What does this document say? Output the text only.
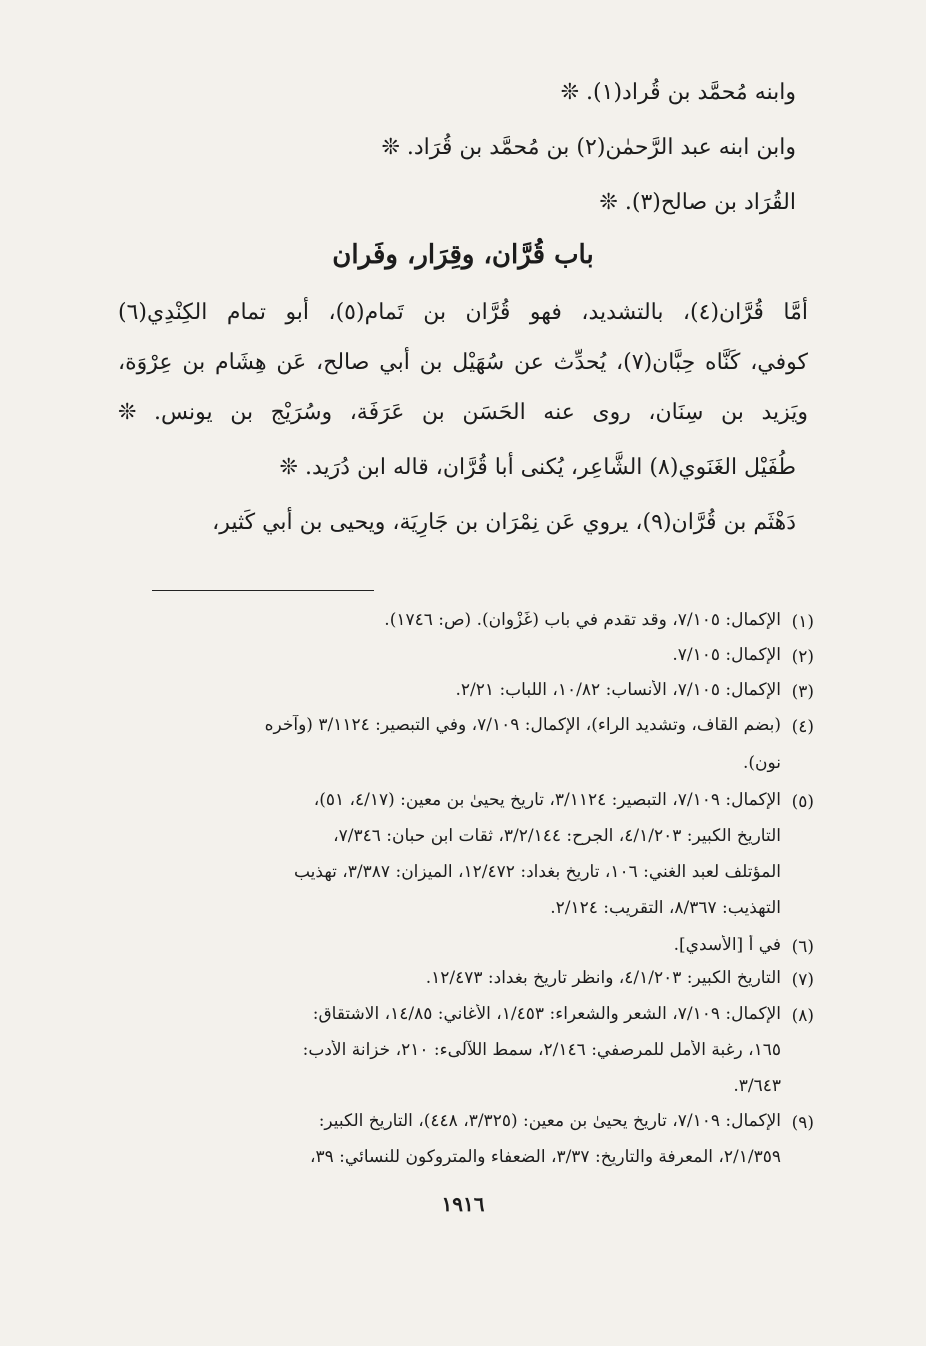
وابنه مُحمَّد بن قُراد(١). ❊
وابن ابنه عبد الرَّحمٰن(٢) بن مُحمَّد بن قُرَاد. ❊
القُرَاد بن صالح(٣). ❊
باب قُرَّان، وقِرَار، وفَران
أمَّا قُرَّان(٤)، بالتشديد، فهو قُرَّان بن تَمام(٥)، أبو تمام الكِنْدِي(٦)
كوفي، كَنَّاه حِبَّان(٧)، يُحدِّث عن سُهَيْل بن أبي صالح، عَن هِشَام بن عِرْوَة،
ويَزيد بن سِنَان، روى عنه الحَسَن بن عَرَفَة، وسُرَيْج بن يونس. ❊
طُفَيْل الغَنَوي(٨) الشَّاعِر، يُكنى أبا قُرَّان، قاله ابن دُرَيد. ❊
دَهْثَم بن قُرَّان(٩)، يروي عَن نِمْرَان بن جَارِيَة، ويحيى بن أبي كَثير،
(١)
الإكمال: ٧/١٠٥، وقد تقدم في باب (غَزْوان). (ص: ١٧٤٦).
(٢)
الإكمال: ٧/١٠٥.
(٣)
الإكمال: ٧/١٠٥، الأنساب: ١٠/٨٢، اللباب: ٢/٢١.
(٤)
(بضم القاف، وتشديد الراء)، الإكمال: ٧/١٠٩، وفي التبصير: ٣/١١٢٤ (وآخره
نون).
(٥)
الإكمال: ٧/١٠٩، التبصير: ٣/١١٢٤، تاريخ يحيىٰ بن معين: (٤/١٧، ٥١)،
التاريخ الكبير: ٤/١/٢٠٣، الجرح: ٣/٢/١٤٤، ثقات ابن حبان: ٧/٣٤٦،
المؤتلف لعبد الغني: ١٠٦، تاريخ بغداد: ١٢/٤٧٢، الميزان: ٣/٣٨٧، تهذيب
التهذيب: ٨/٣٦٧، التقريب: ٢/١٢٤.
(٦)
في أ [الأسدي].
(٧)
التاريخ الكبير: ٤/١/٢٠٣، وانظر تاريخ بغداد: ١٢/٤٧٣.
(٨)
الإكمال: ٧/١٠٩، الشعر والشعراء: ١/٤٥٣، الأغاني: ١٤/٨٥، الاشتقاق:
١٦٥، رغبة الأمل للمرصفي: ٢/١٤٦، سمط اللآلىء: ٢١٠، خزانة الأدب:
٣/٦٤٣.
(٩)
الإكمال: ٧/١٠٩، تاريخ يحيىٰ بن معين: (٣/٣٢٥، ٤٤٨)، التاريخ الكبير:
٢/١/٣٥٩، المعرفة والتاريخ: ٣/٣٧، الضعفاء والمتروكون للنسائي: ٣٩،
١٩١٦
